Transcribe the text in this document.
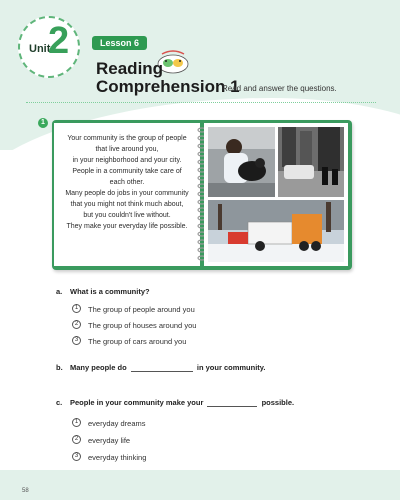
Unit
2	Lesson 6
Reading
Comprehension 1
Read and answer the questions.
1
Your community is the group of people
that live around you,
in your neighborhood and your city.
People in a community take care of
each other.
Many people do jobs in your community
that you might not think much about,
but you couldn't live without.
They make your everyday life possible.
a. What is a community?
1	The group of people around you
2	The group of houses around you
3	The group of cars around you
b. Many people do	in your community.
c. People in your community make your	possible.
1	everyday dreams
2	everyday life
3	everyday thinking
58
